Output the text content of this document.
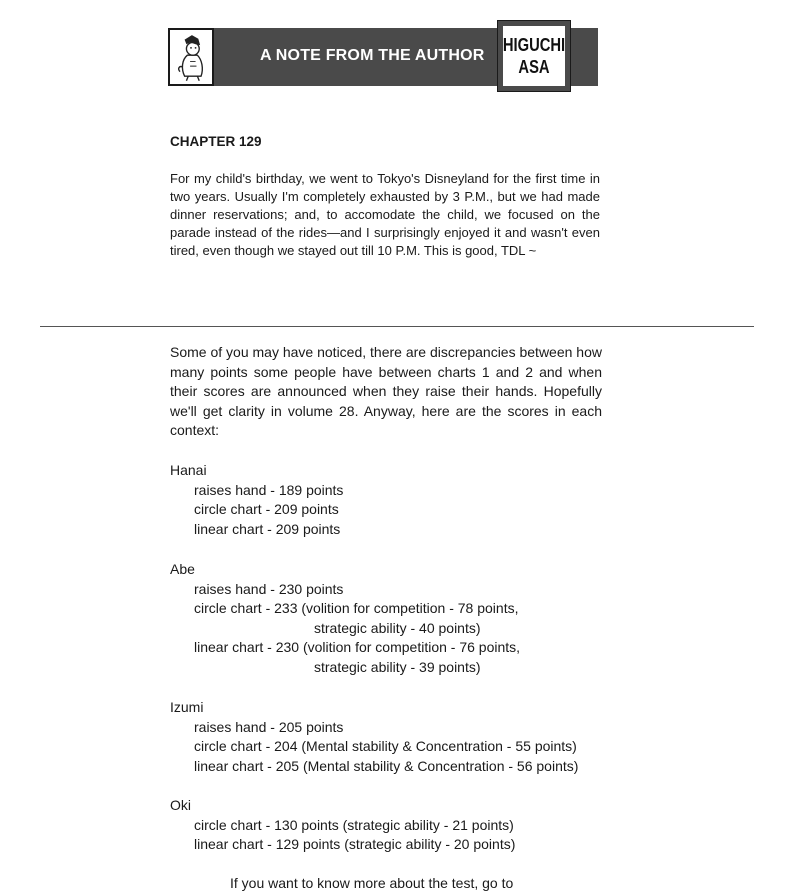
A NOTE FROM THE AUTHOR
HIGUCHI
ASA
CHAPTER 129

For my child's birthday, we went to Tokyo's Disneyland for the first time in two years. Usually I'm completely exhausted by 3 P.M., but we had made dinner reservations; and, to accomodate the child, we focused on the parade instead of the rides—and I surprisingly enjoyed it and wasn't even tired, even though we stayed out till 10 P.M. This is good, TDL ~

Some of you may have noticed, there are discrepancies between how many points some people have between charts 1 and 2 and when their scores are announced when they raise their hands. Hopefully we'll get clarity in volume 28. Anyway, here are the scores in each context:

Hanai

raises hand - 189 points

circle chart - 209 points

linear chart - 209 points

Abe

raises hand - 230 points

circle chart - 233 (volition for competition - 78 points,

strategic ability - 40 points)

linear chart - 230 (volition for competition - 76 points,

strategic ability - 39 points)

Izumi

raises hand - 205 points

circle chart - 204 (Mental stability & Concentration - 55 points)

linear chart - 205 (Mental stability & Concentration - 56 points)

Oki

circle chart - 130 points (strategic ability - 21 points)

linear chart - 129 points (strategic ability - 20 points)

If you want to know more about the test, go to
